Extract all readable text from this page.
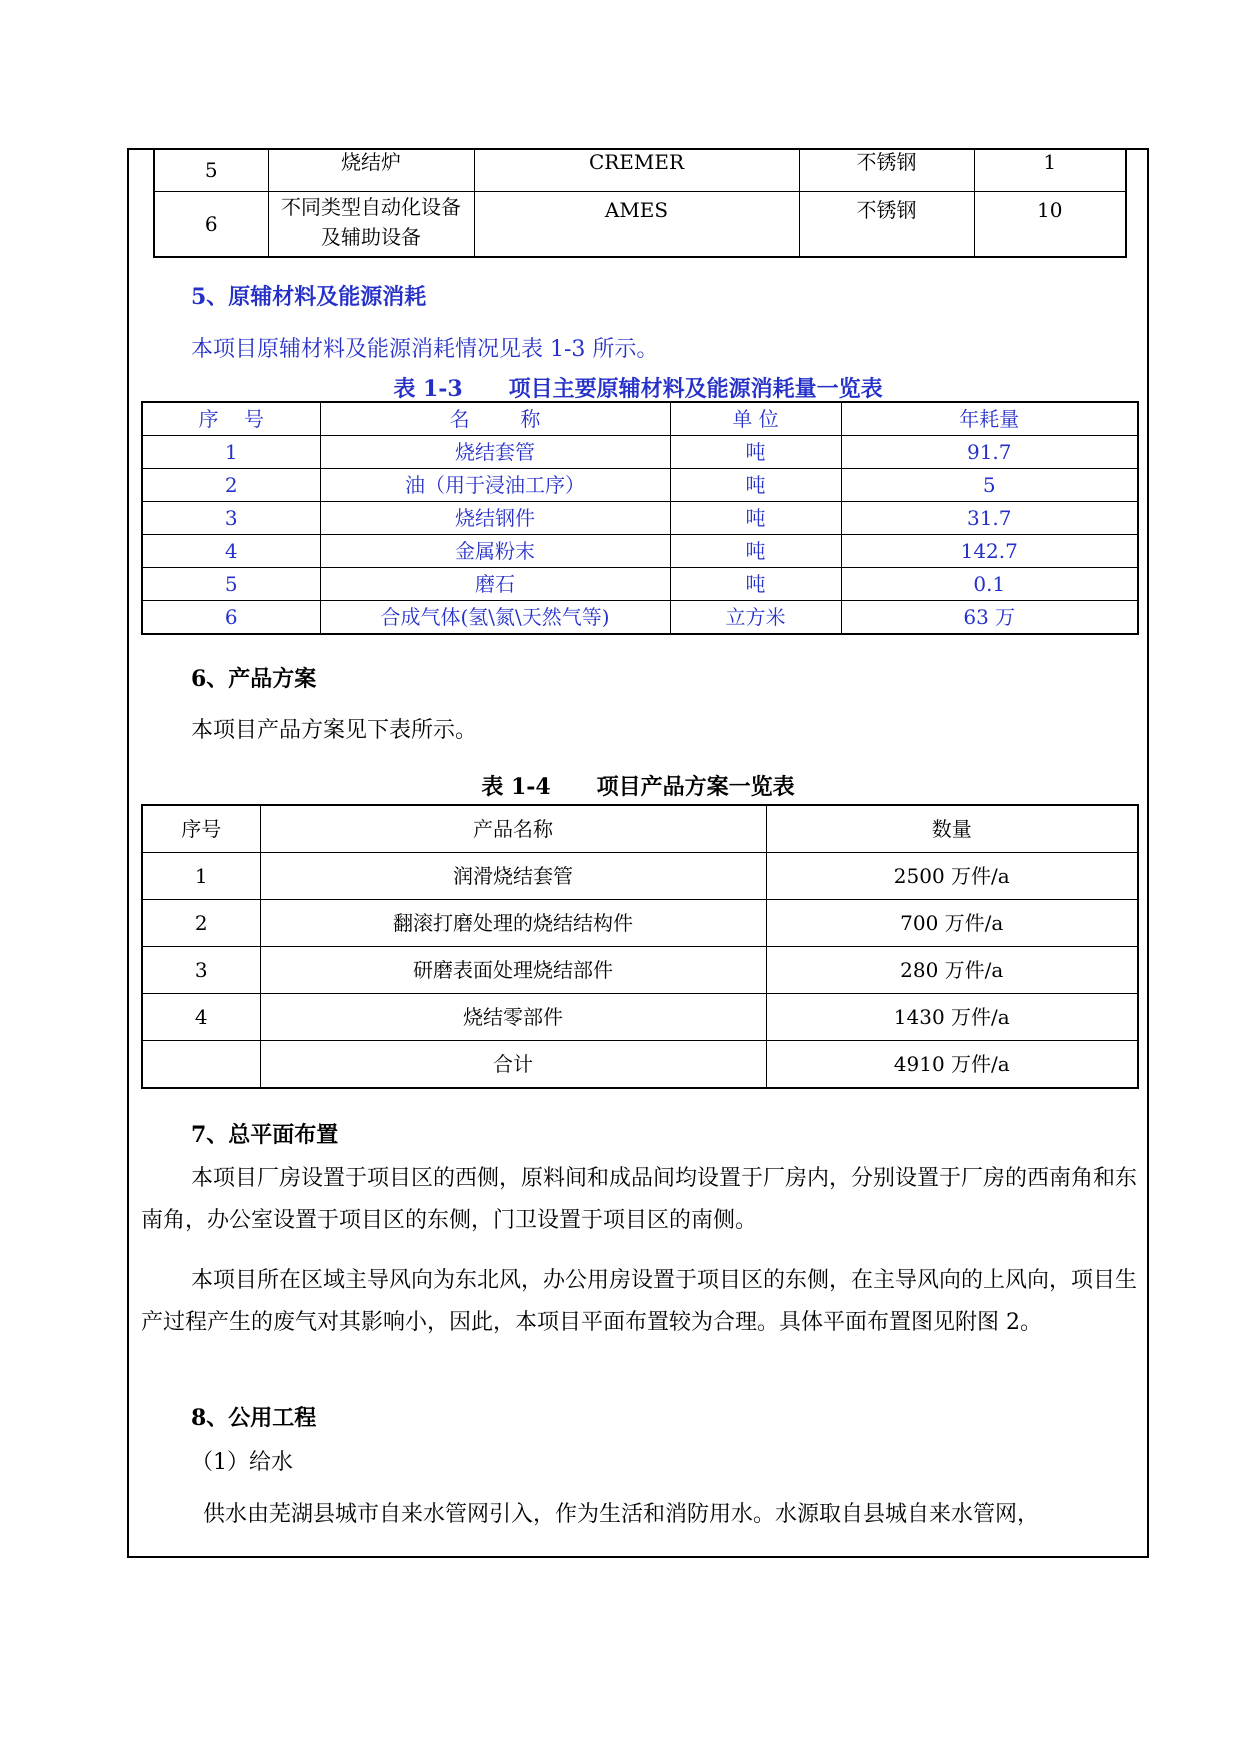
5	烧结炉	CREMER	不锈钢	1
6	不同类型自动化设备及辅助设备	AMES	不锈钢	10
5、原辅材料及能源消耗
本项目原辅材料及能源消耗情况见表 1-3 所示。
表 1-3      项目主要原辅材料及能源消耗量一览表
序    号	名        称	单 位	年耗量
1	烧结套管	吨	91.7
2	油（用于浸油工序）	吨	5
3	烧结钢件	吨	31.7
4	金属粉末	吨	142.7
5	磨石	吨	0.1
6	合成气体(氢\氮\天然气等)	立方米	63 万
6、产品方案
本项目产品方案见下表所示。
表 1-4      项目产品方案一览表
序号	产品名称	数量
1	润滑烧结套管	2500 万件/a
2	翻滚打磨处理的烧结结构件	700 万件/a
3	研磨表面处理烧结部件	280 万件/a
4	烧结零部件	1430 万件/a
	合计	4910 万件/a
7、总平面布置
本项目厂房设置于项目区的西侧，原料间和成品间均设置于厂房内，分别设置于厂房的西南角和东南角，办公室设置于项目区的东侧，门卫设置于项目区的南侧。
本项目所在区域主导风向为东北风，办公用房设置于项目区的东侧，在主导风向的上风向，项目生产过程产生的废气对其影响小，因此，本项目平面布置较为合理。具体平面布置图见附图 2。
8、公用工程
（1）给水
供水由芜湖县城市自来水管网引入，作为生活和消防用水。水源取自县城自来水管网，
